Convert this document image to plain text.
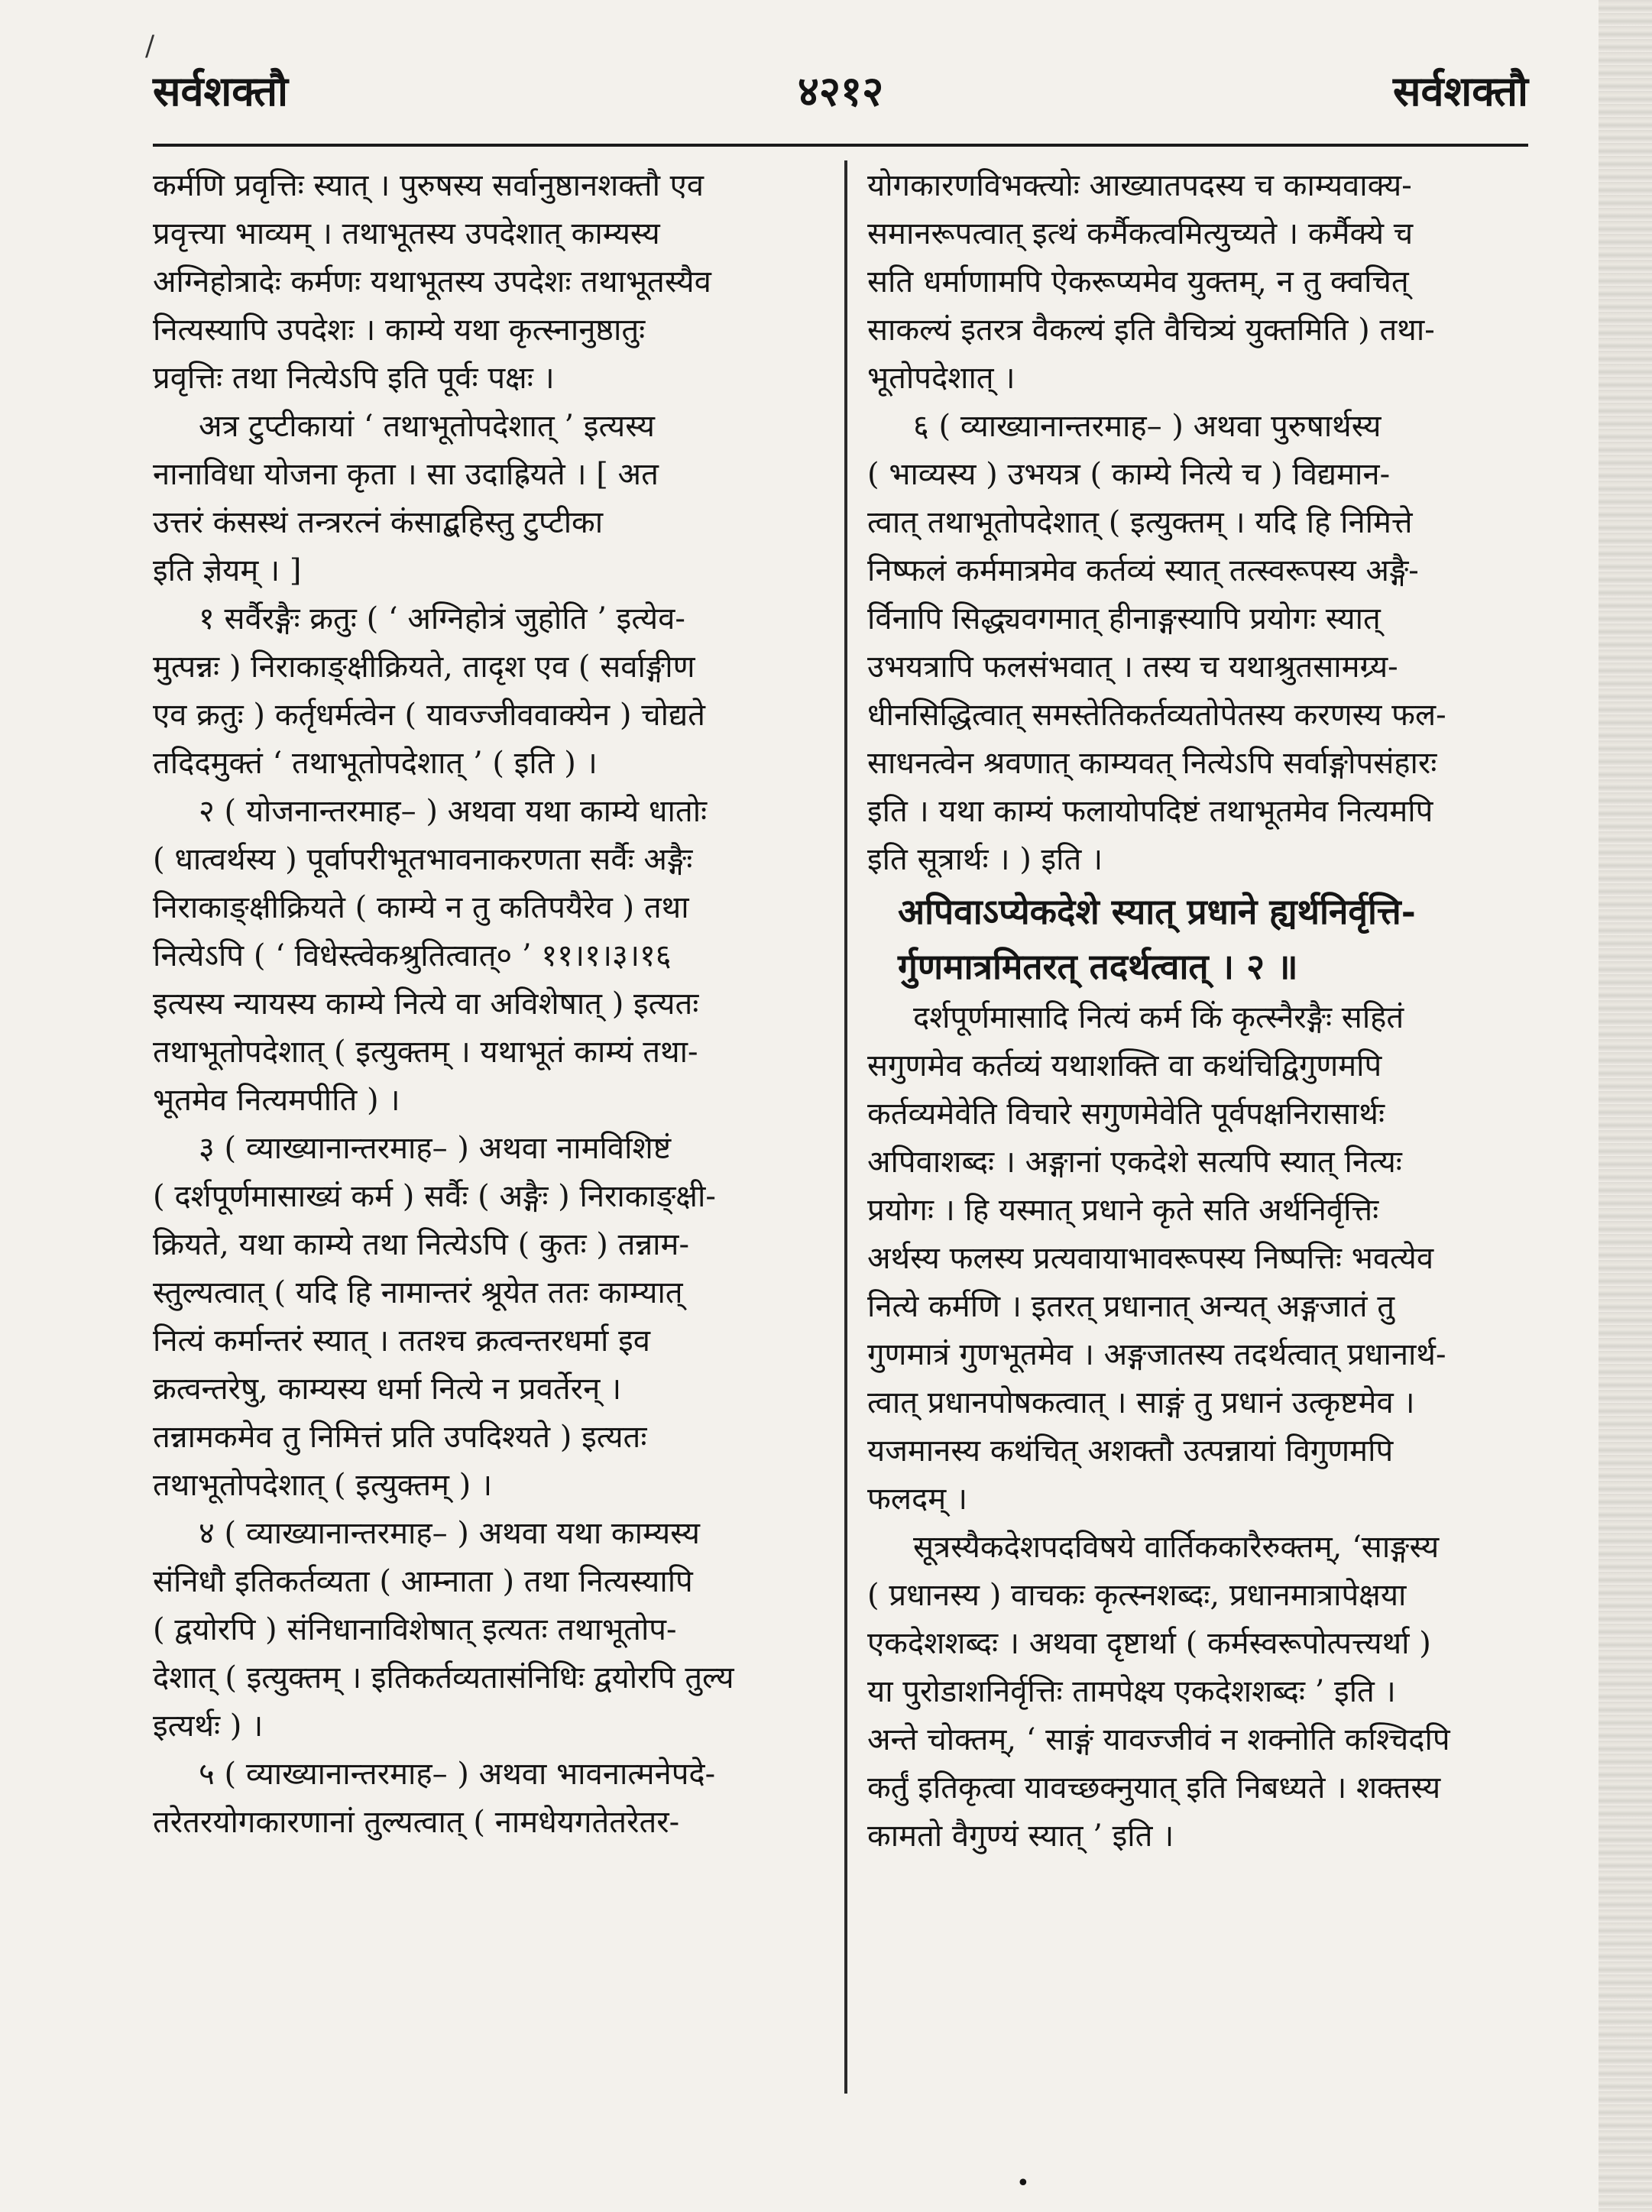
/
४२१२
सर्वशक्तौ	सर्वशक्तौ
कर्मणि प्रवृत्तिः स्यात् । पुरुषस्य सर्वानुष्ठानशक्तौ एव
प्रवृत्त्या भाव्यम् । तथाभूतस्य उपदेशात् काम्यस्य
अग्निहोत्रादेः कर्मणः यथाभूतस्य उपदेशः तथाभूतस्यैव
नित्यस्यापि उपदेशः । काम्ये यथा कृत्स्नानुष्ठातुः
प्रवृत्तिः तथा नित्येऽपि इति पूर्वः पक्षः ।
अत्र टुप्टीकायां ‘ तथाभूतोपदेशात् ’ इत्यस्य
नानाविधा योजना कृता । सा उदाह्रियते । [ अत
उत्तरं कंसस्थं तन्त्ररत्नं कंसाद्बहिस्तु टुप्टीका
इति ज्ञेयम् । ]
१ सर्वैरङ्गैः क्रतुः ( ‘ अग्निहोत्रं जुहोति ’ इत्येव-
मुत्पन्नः ) निराकाङ्क्षीक्रियते, तादृश एव ( सर्वाङ्गीण
एव क्रतुः ) कर्तृधर्मत्वेन ( यावज्जीववाक्येन ) चोद्यते
तदिदमुक्तं ‘ तथाभूतोपदेशात् ’ ( इति ) ।
२ ( योजनान्तरमाह– ) अथवा यथा काम्ये धातोः
( धात्वर्थस्य ) पूर्वापरीभूतभावनाकरणता सर्वैः अङ्गैः
निराकाङ्क्षीक्रियते ( काम्ये न तु कतिपयैरेव ) तथा
नित्येऽपि ( ‘ विधेस्त्वेकश्रुतित्वात्० ’ ११।१।३।१६
इत्यस्य न्यायस्य काम्ये नित्ये वा अविशेषात् ) इत्यतः
तथाभूतोपदेशात् ( इत्युक्तम् । यथाभूतं काम्यं तथा-
भूतमेव नित्यमपीति ) ।
३ ( व्याख्यानान्तरमाह– ) अथवा नामविशिष्टं
( दर्शपूर्णमासाख्यं कर्म ) सर्वैः ( अङ्गैः ) निराकाङ्क्षी-
क्रियते, यथा काम्ये तथा नित्येऽपि ( कुतः ) तन्नाम-
स्तुल्यत्वात् ( यदि हि नामान्तरं श्रूयेत ततः काम्यात्
नित्यं कर्मान्तरं स्यात् । ततश्च क्रत्वन्तरधर्मा इव
क्रत्वन्तरेषु, काम्यस्य धर्मा नित्ये न प्रवर्तेरन् ।
तन्नामकमेव तु निमित्तं प्रति उपदिश्यते ) इत्यतः
तथाभूतोपदेशात् ( इत्युक्तम् ) ।
४ ( व्याख्यानान्तरमाह– ) अथवा यथा काम्यस्य
संनिधौ इतिकर्तव्यता ( आम्नाता ) तथा नित्यस्यापि
( द्वयोरपि ) संनिधानाविशेषात् इत्यतः तथाभूतोप-
देशात् ( इत्युक्तम् । इतिकर्तव्यतासंनिधिः द्वयोरपि तुल्य
इत्यर्थः ) ।
५ ( व्याख्यानान्तरमाह– ) अथवा भावनात्मनेपदे-
तरेतरयोगकारणानां तुल्यत्वात् ( नामधेयगतेतरेतर-
योगकारणविभक्त्योः आख्यातपदस्य च काम्यवाक्य-
समानरूपत्वात् इत्थं कर्मैकत्वमित्युच्यते । कर्मैक्ये च
सति धर्माणामपि ऐकरूप्यमेव युक्तम्, न तु क्वचित्
साकल्यं इतरत्र वैकल्यं इति वैचित्र्यं युक्तमिति ) तथा-
भूतोपदेशात् ।
६ ( व्याख्यानान्तरमाह– ) अथवा पुरुषार्थस्य
( भाव्यस्य ) उभयत्र ( काम्ये नित्ये च ) विद्यमान-
त्वात् तथाभूतोपदेशात् ( इत्युक्तम् । यदि हि निमित्ते
निष्फलं कर्ममात्रमेव कर्तव्यं स्यात् तत्स्वरूपस्य अङ्गै-
र्विनापि सिद्ध्यवगमात् हीनाङ्गस्यापि प्रयोगः स्यात्
उभयत्रापि फलसंभवात् । तस्य च यथाश्रुतसामग्र्य-
धीनसिद्धित्वात् समस्तेतिकर्तव्यतोपेतस्य करणस्य फल-
साधनत्वेन श्रवणात् काम्यवत् नित्येऽपि सर्वाङ्गोपसंहारः
इति । यथा काम्यं फलायोपदिष्टं तथाभूतमेव नित्यमपि
इति सूत्रार्थः । ) इति ।
अपिवाऽप्येकदेशे स्यात् प्रधाने ह्यर्थनिर्वृत्ति-
र्गुणमात्रमितरत् तदर्थत्वात् । २ ॥
दर्शपूर्णमासादि नित्यं कर्म किं कृत्स्नैरङ्गैः सहितं
सगुणमेव कर्तव्यं यथाशक्ति वा कथंचिद्विगुणमपि
कर्तव्यमेवेति विचारे सगुणमेवेति पूर्वपक्षनिरासार्थः
अपिवाशब्दः । अङ्गानां एकदेशे सत्यपि स्यात् नित्यः
प्रयोगः । हि यस्मात् प्रधाने कृते सति अर्थनिर्वृत्तिः
अर्थस्य फलस्य प्रत्यवायाभावरूपस्य निष्पत्तिः भवत्येव
नित्ये कर्मणि । इतरत् प्रधानात् अन्यत् अङ्गजातं तु
गुणमात्रं गुणभूतमेव । अङ्गजातस्य तदर्थत्वात् प्रधानार्थ-
त्वात् प्रधानपोषकत्वात् । साङ्गं तु प्रधानं उत्कृष्टमेव ।
यजमानस्य कथंचित् अशक्तौ उत्पन्नायां विगुणमपि
फलदम् ।
सूत्रस्यैकदेशपदविषये वार्तिककारैरुक्तम्, ‘साङ्गस्य
( प्रधानस्य ) वाचकः कृत्स्नशब्दः, प्रधानमात्रापेक्षया
एकदेशशब्दः । अथवा दृष्टार्था ( कर्मस्वरूपोत्पत्त्यर्था )
या पुरोडाशनिर्वृत्तिः तामपेक्ष्य एकदेशशब्दः ’ इति ।
अन्ते चोक्तम्, ‘ साङ्गं यावज्जीवं न शक्नोति कश्चिदपि
कर्तुं इतिकृत्वा यावच्छक्नुयात् इति निबध्यते । शक्तस्य
कामतो वैगुण्यं स्यात् ’ इति ।
•
